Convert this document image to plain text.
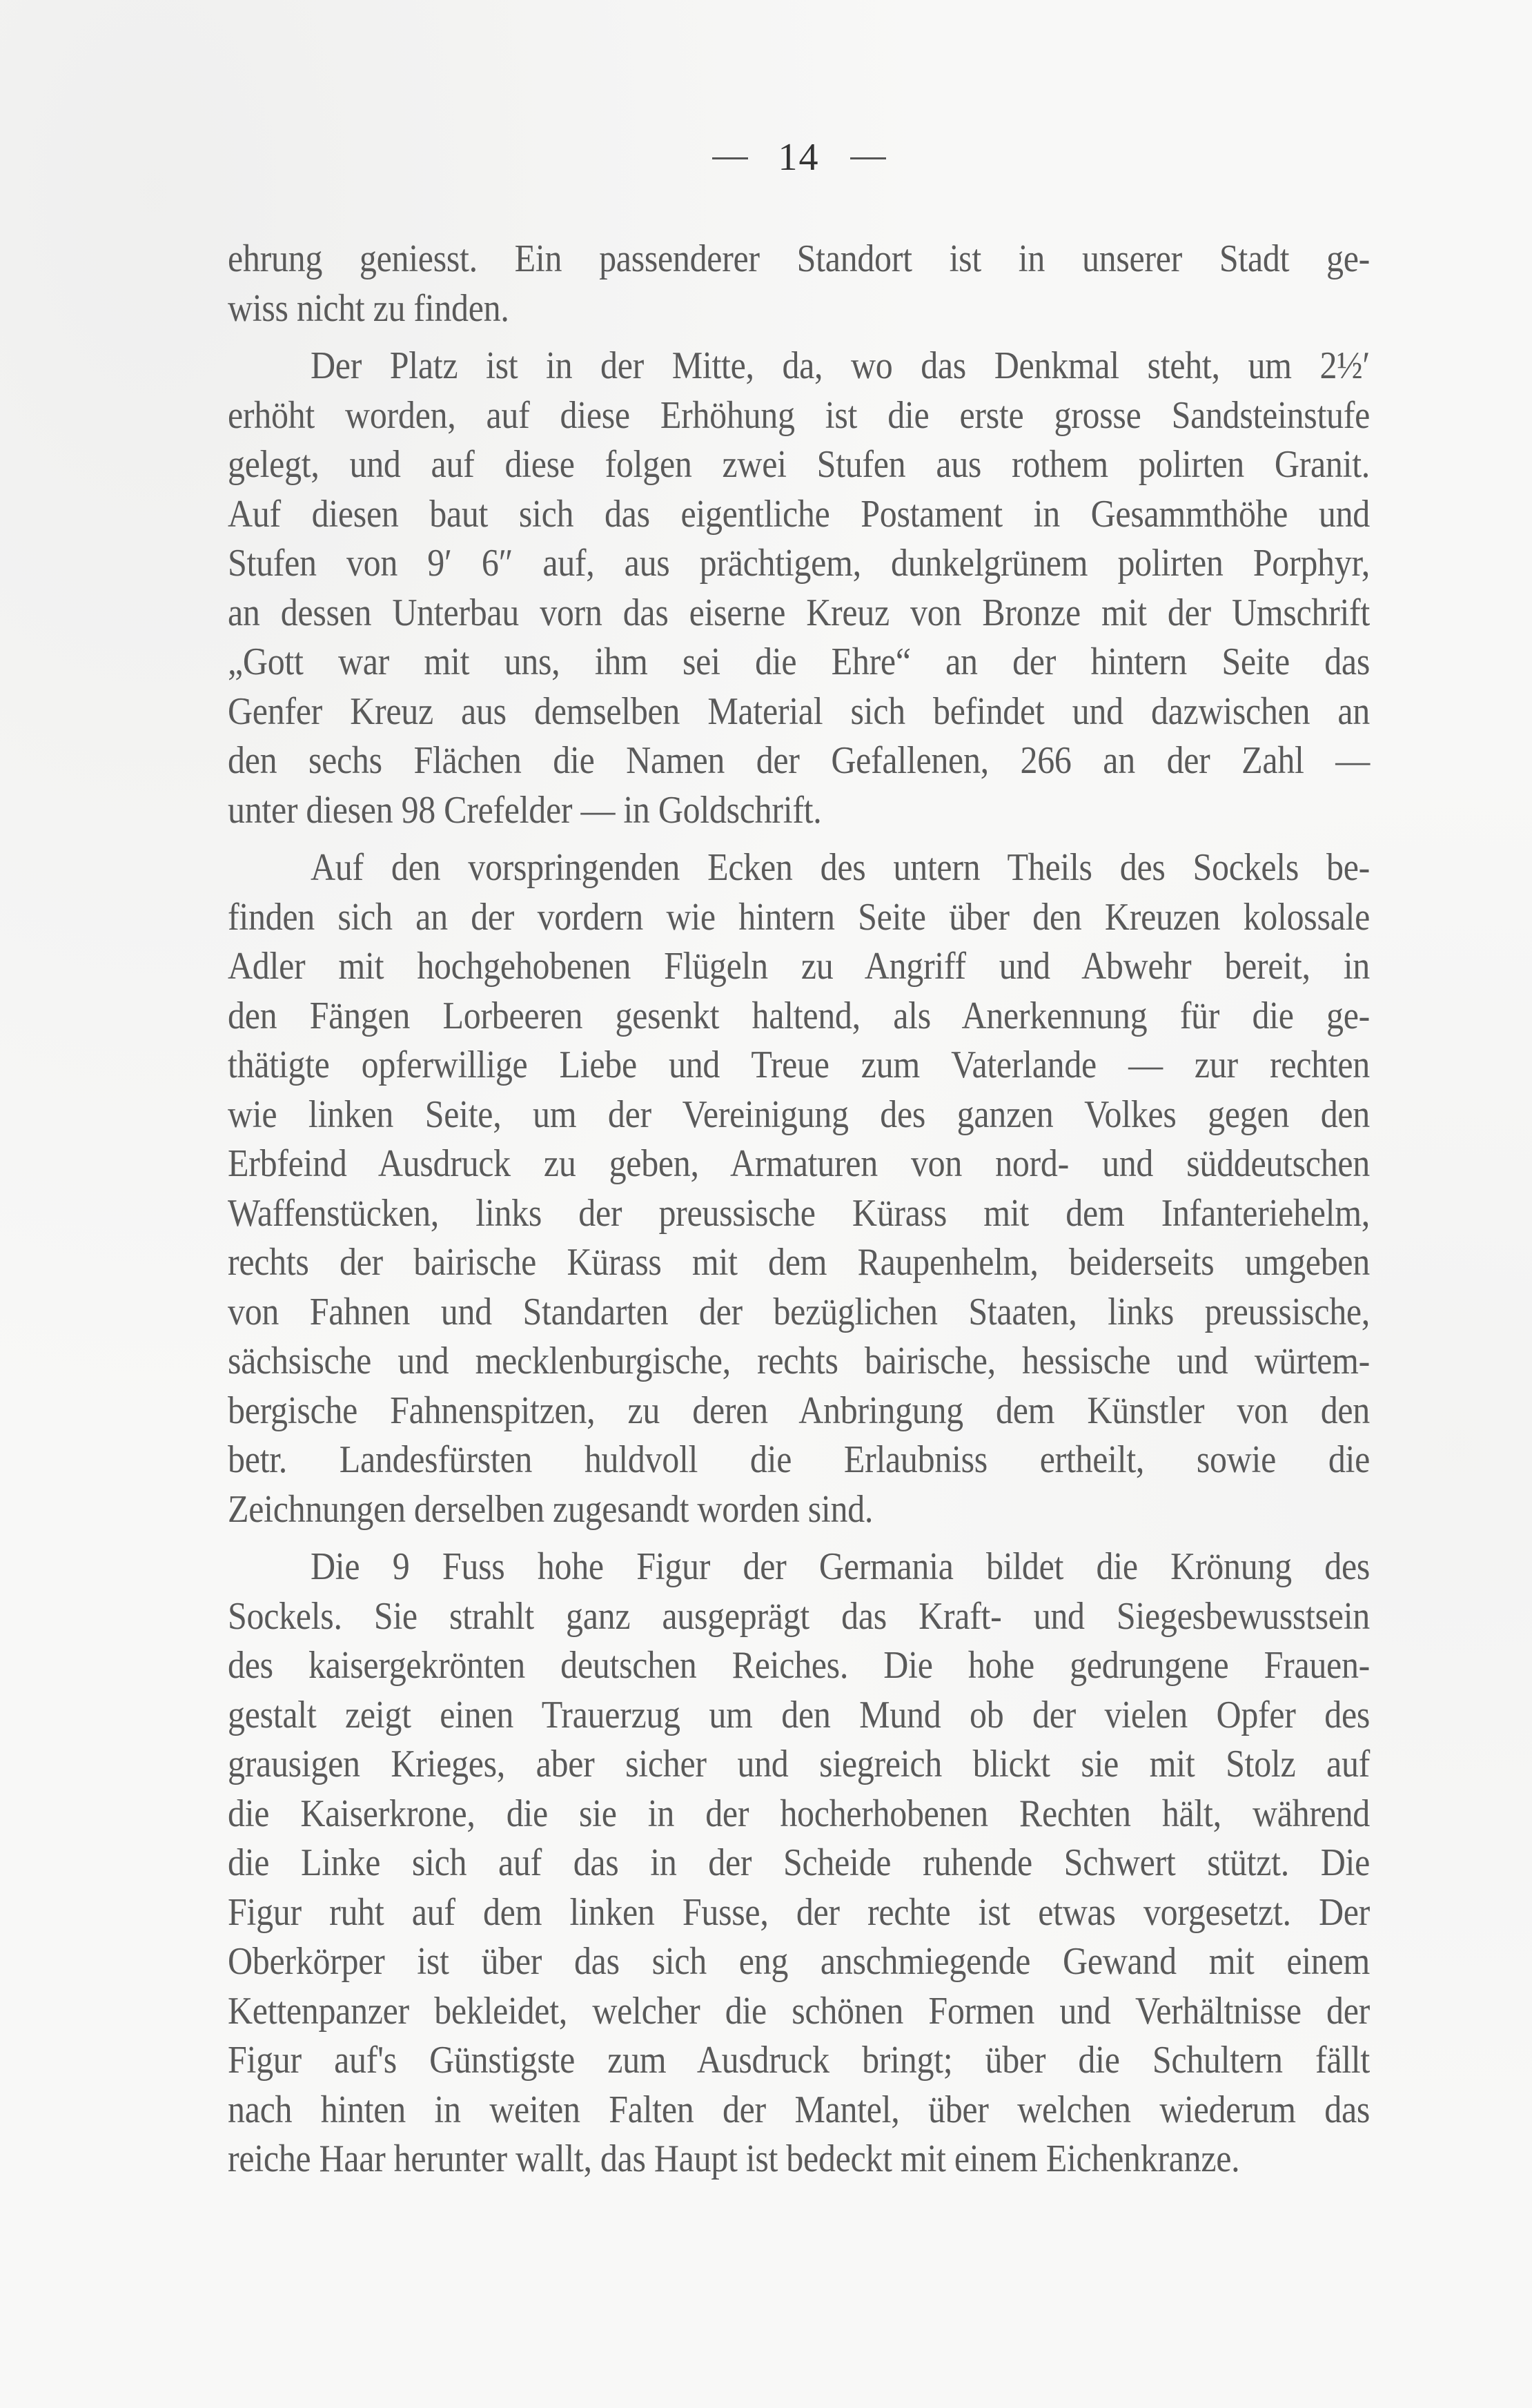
14
ehrung geniesst. Ein passenderer Standort ist in unserer Stadt ge-
wiss nicht zu finden.
Der Platz ist in der Mitte, da, wo das Denkmal steht, um 2½′
erhöht worden, auf diese Erhöhung ist die erste grosse Sandsteinstufe
gelegt, und auf diese folgen zwei Stufen aus rothem polirten Granit.
Auf diesen baut sich das eigentliche Postament in Gesammthöhe und
Stufen von 9′ 6″ auf, aus prächtigem, dunkelgrünem polirten Porphyr,
an dessen Unterbau vorn das eiserne Kreuz von Bronze mit der Umschrift
„Gott war mit uns, ihm sei die Ehre“ an der hintern Seite das
Genfer Kreuz aus demselben Material sich befindet und dazwischen an
den sechs Flächen die Namen der Gefallenen, 266 an der Zahl —
unter diesen 98 Crefelder — in Goldschrift.
Auf den vorspringenden Ecken des untern Theils des Sockels be-
finden sich an der vordern wie hintern Seite über den Kreuzen kolossale
Adler mit hochgehobenen Flügeln zu Angriff und Abwehr bereit, in
den Fängen Lorbeeren gesenkt haltend, als Anerkennung für die ge-
thätigte opferwillige Liebe und Treue zum Vaterlande — zur rechten
wie linken Seite, um der Vereinigung des ganzen Volkes gegen den
Erbfeind Ausdruck zu geben, Armaturen von nord- und süddeutschen
Waffenstücken, links der preussische Kürass mit dem Infanteriehelm,
rechts der bairische Kürass mit dem Raupenhelm, beiderseits umgeben
von Fahnen und Standarten der bezüglichen Staaten, links preussische,
sächsische und mecklenburgische, rechts bairische, hessische und würtem-
bergische Fahnenspitzen, zu deren Anbringung dem Künstler von den
betr. Landesfürsten huldvoll die Erlaubniss ertheilt, sowie die
Zeichnungen derselben zugesandt worden sind.
Die 9 Fuss hohe Figur der Germania bildet die Krönung des
Sockels. Sie strahlt ganz ausgeprägt das Kraft- und Siegesbewusstsein
des kaisergekrönten deutschen Reiches. Die hohe gedrungene Frauen-
gestalt zeigt einen Trauerzug um den Mund ob der vielen Opfer des
grausigen Krieges, aber sicher und siegreich blickt sie mit Stolz auf
die Kaiserkrone, die sie in der hocherhobenen Rechten hält, während
die Linke sich auf das in der Scheide ruhende Schwert stützt. Die
Figur ruht auf dem linken Fusse, der rechte ist etwas vorgesetzt. Der
Oberkörper ist über das sich eng anschmiegende Gewand mit einem
Kettenpanzer bekleidet, welcher die schönen Formen und Verhältnisse der
Figur auf's Günstigste zum Ausdruck bringt; über die Schultern fällt
nach hinten in weiten Falten der Mantel, über welchen wiederum das
reiche Haar herunter wallt, das Haupt ist bedeckt mit einem Eichenkranze.
